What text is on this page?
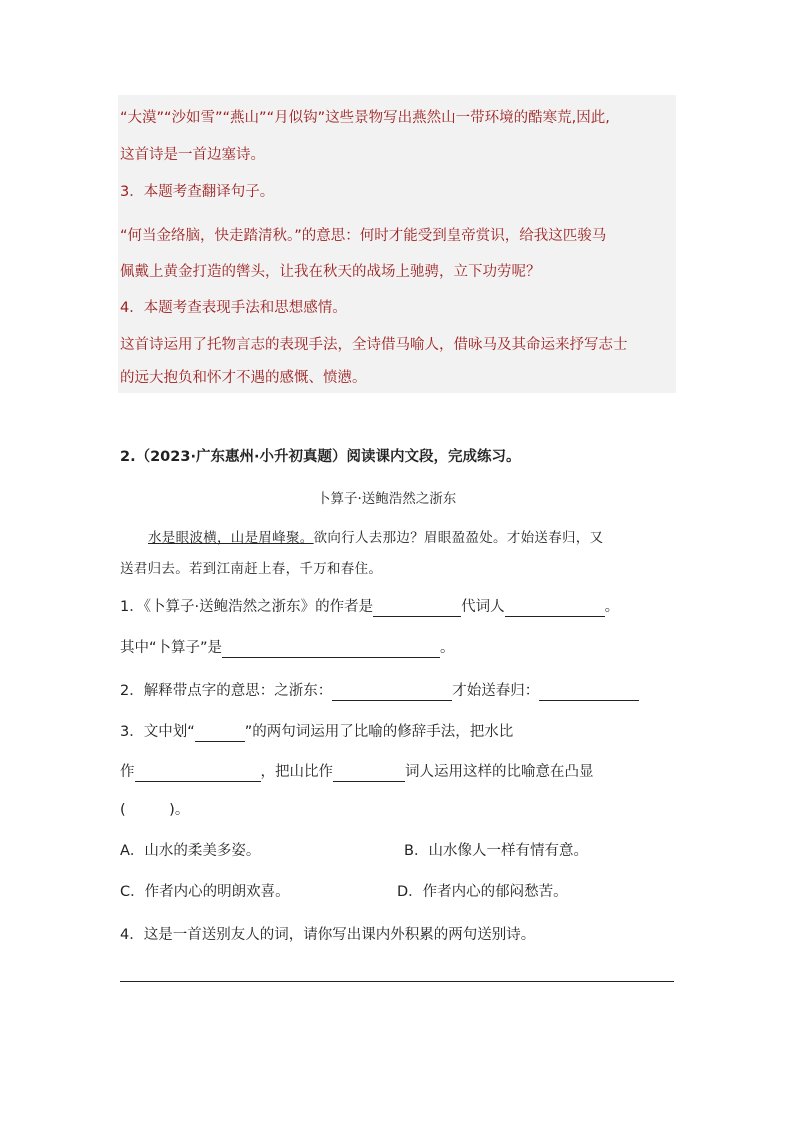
“大漠”“沙如雪”“燕山”“月似钩”这些景物写出燕然山一带环境的酷寒荒,因此,
这首诗是一首边塞诗。
3．本题考查翻译句子。
“何当金络脑，快走踏清秋。”的意思：何时才能受到皇帝赏识，给我这匹骏马
佩戴上黄金打造的辔头，让我在秋天的战场上驰骋，立下功劳呢？
4．本题考查表现手法和思想感情。
这首诗运用了托物言志的表现手法，全诗借马喻人，借咏马及其命运来抒写志士
的远大抱负和怀才不遇的感慨、愤懑。
2.（2023·广东惠州·小升初真题）阅读课内文段，完成练习。
卜算子·送鲍浩然之浙东
水是眼波横，山是眉峰聚。欲向行人去那边？眉眼盈盈处。才始送春归，又
送君归去。若到江南赶上春，千万和春住。
1．《卜算子·送鲍浩然之浙东》的作者是	代词人	。
其中“卜算子”是	。
2．解释带点字的意思：之浙东：	才始送春归：
3．文中划“	”的两句词运用了比喻的修辞手法，把水比
作	，把山比作	词人运用这样的比喻意在凸显
(　　　)。
A．山水的柔美多姿。	B．山水像人一样有情有意。
C．作者内心的明朗欢喜。	D．作者内心的郁闷愁苦。
4．这是一首送别友人的词，请你写出课内外积累的两句送别诗。
